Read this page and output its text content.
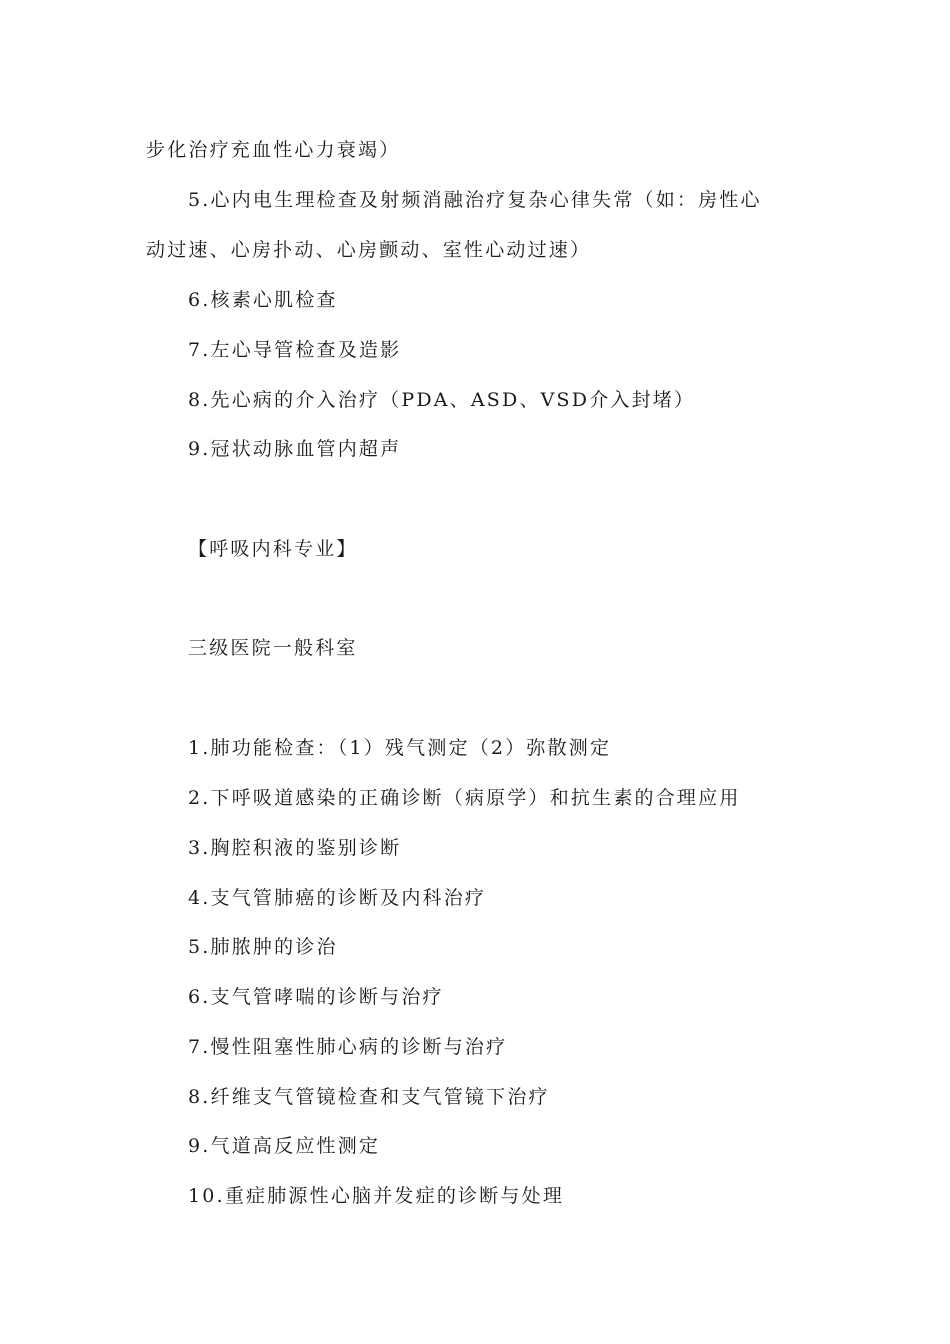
步化治疗充血性心力衰竭）
5.心内电生理检查及射频消融治疗复杂心律失常（如：房性心
动过速、心房扑动、心房颤动、室性心动过速）
6.核素心肌检查
7.左心导管检查及造影
8.先心病的介入治疗（PDA、ASD、VSD介入封堵）
9.冠状动脉血管内超声
【呼吸内科专业】
三级医院一般科室
1.肺功能检查：（1）残气测定（2）弥散测定
2.下呼吸道感染的正确诊断（病原学）和抗生素的合理应用
3.胸腔积液的鉴别诊断
4.支气管肺癌的诊断及内科治疗
5.肺脓肿的诊治
6.支气管哮喘的诊断与治疗
7.慢性阻塞性肺心病的诊断与治疗
8.纤维支气管镜检查和支气管镜下治疗
9.气道高反应性测定
10.重症肺源性心脑并发症的诊断与处理
